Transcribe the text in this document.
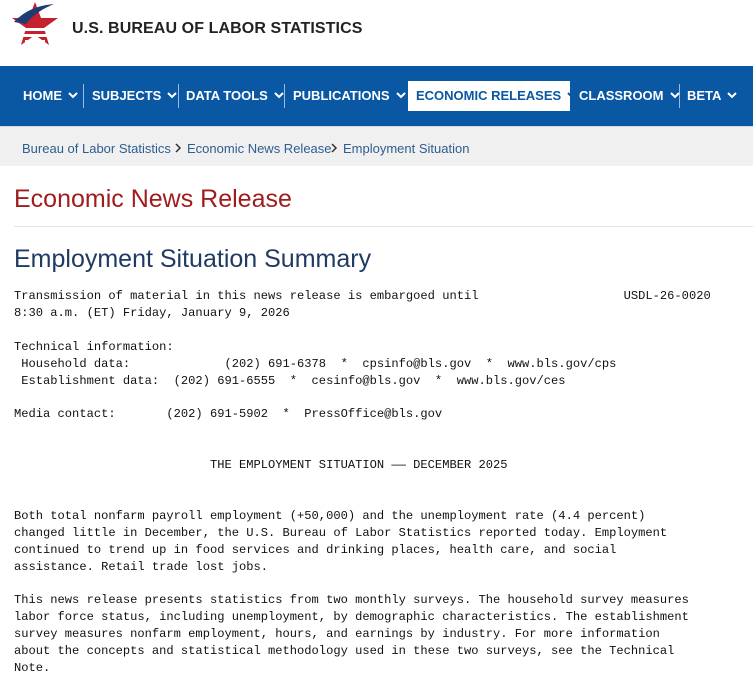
U.S. BUREAU OF LABOR STATISTICS
HOME	SUBJECTS	DATA TOOLS	PUBLICATIONS	ECONOMIC RELEASES	CLASSROOM	BETA
Bureau of Labor Statistics Economic News Release Employment Situation
Economic News Release
Employment Situation Summary
Transmission of material in this news release is embargoed until                    USDL-26-0020
8:30 a.m. (ET) Friday, January 9, 2026

Technical information:
Household data:             (202) 691-6378  *  cpsinfo@bls.gov  *  www.bls.gov/cps
Establishment data:  (202) 691-6555  *  cesinfo@bls.gov  *  www.bls.gov/ces

Media contact:       (202) 691-5902  *  PressOffice@bls.gov

THE EMPLOYMENT SITUATION —— DECEMBER 2025

Both total nonfarm payroll employment (+50,000) and the unemployment rate (4.4 percent)
changed little in December, the U.S. Bureau of Labor Statistics reported today. Employment
continued to trend up in food services and drinking places, health care, and social
assistance. Retail trade lost jobs.

This news release presents statistics from two monthly surveys. The household survey measures
labor force status, including unemployment, by demographic characteristics. The establishment
survey measures nonfarm employment, hours, and earnings by industry. For more information
about the concepts and statistical methodology used in these two surveys, see the Technical
Note.
